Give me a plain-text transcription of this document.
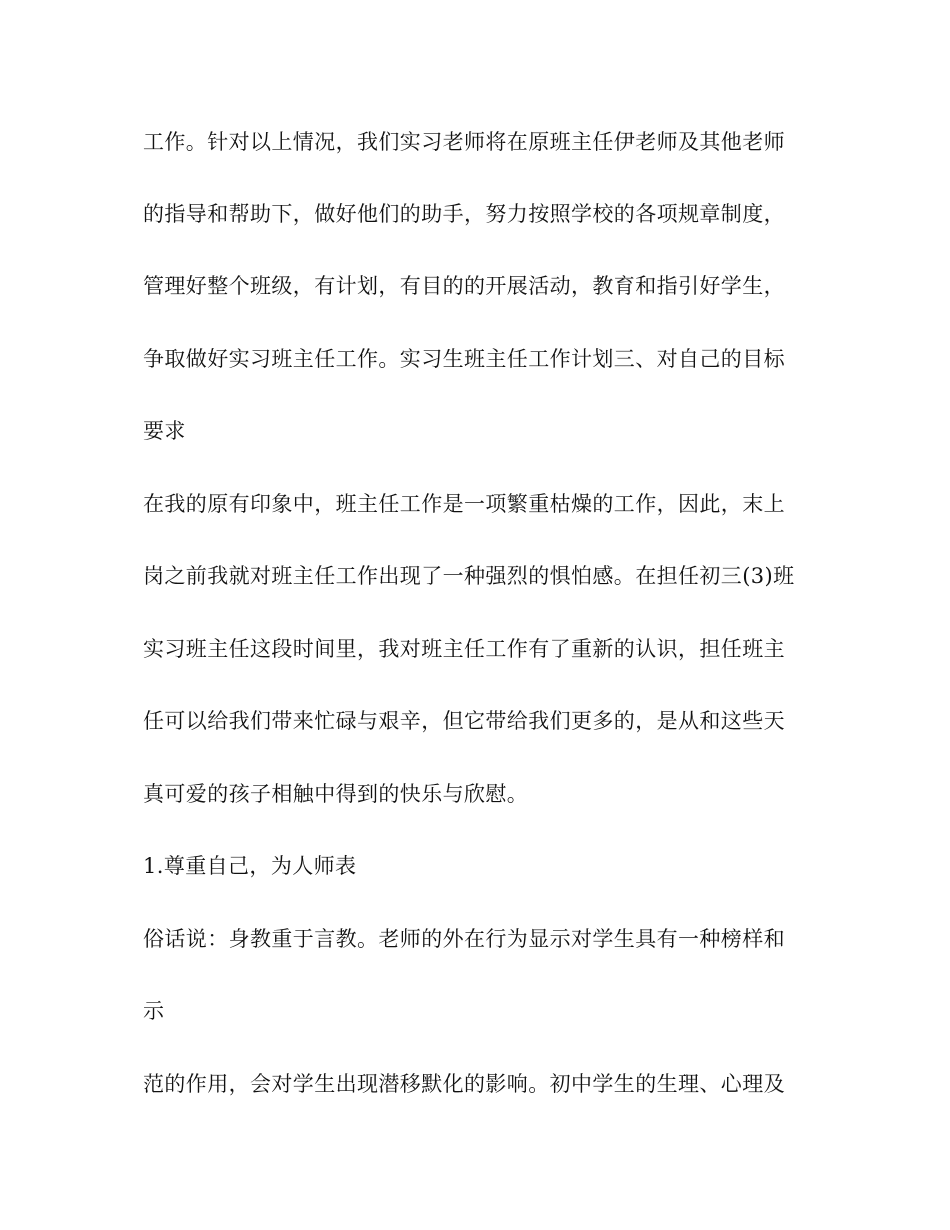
工作。针对以上情况，我们实习老师将在原班主任伊老师及其他老师
的指导和帮助下，做好他们的助手，努力按照学校的各项规章制度，
管理好整个班级，有计划，有目的的开展活动，教育和指引好学生，
争取做好实习班主任工作。实习生班主任工作计划三、对自己的目标
要求
在我的原有印象中，班主任工作是一项繁重枯燥的工作，因此，末上
岗之前我就对班主任工作出现了一种强烈的惧怕感。在担任初三(3)班
实习班主任这段时间里，我对班主任工作有了重新的认识，担任班主
任可以给我们带来忙碌与艰辛，但它带给我们更多的，是从和这些天
真可爱的孩子相触中得到的快乐与欣慰。
1.尊重自己，为人师表
俗话说：身教重于言教。老师的外在行为显示对学生具有一种榜样和
示
范的作用，会对学生出现潜移默化的影响。初中学生的生理、心理及
